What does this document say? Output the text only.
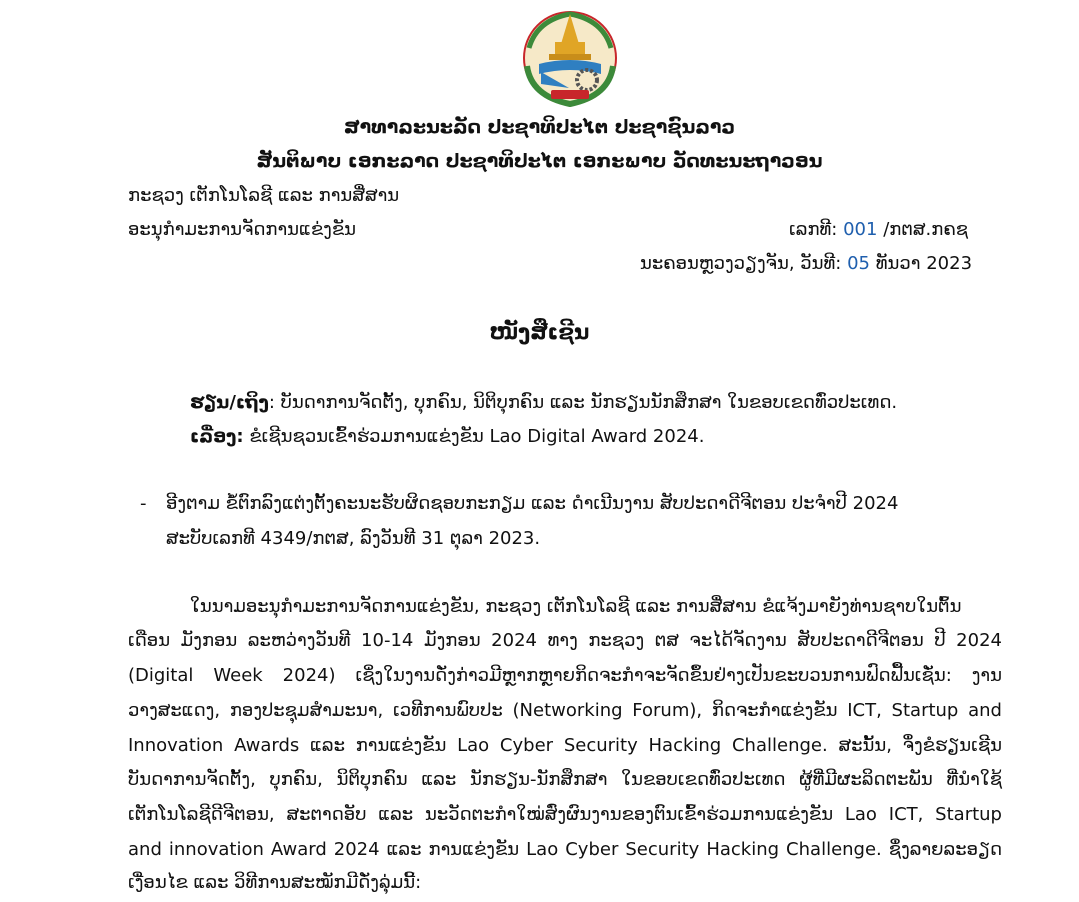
ສາທາລະນະລັດ ປະຊາທິປະໄຕ ປະຊາຊົນລາວ
ສັນຕິພາບ ເອກະລາດ ປະຊາທິປະໄຕ ເອກະພາບ ວັດທະນະຖາວອນ
ກະຊວງ ເຕັກໂນໂລຊີ ແລະ ການສື່ສານ
ອະນຸກຳມະການຈັດການແຂ່ງຂັນ	ເລກທີ: 001 /ກຕສ.ກຄຊ
ນະຄອນຫຼວງວຽງຈັນ, ວັນທີ: 05 ທັນວາ 2023
ໜັງສືເຊີນ
ຮຽນ/ເຖິງ: ບັນດາການຈັດຕັ້ງ, ບຸກຄົນ, ນິຕິບຸກຄົນ ແລະ ນັກຮຽນນັກສຶກສາ ໃນຂອບເຂດທົ່ວປະເທດ.
ເລື່ອງ: ຂໍເຊີນຊວນເຂົ້າຮ່ວມການແຂ່ງຂັນ Lao Digital Award 2024.
- ອີງຕາມ ຂໍ້ຕົກລົງແຕ່ງຕັ້ງຄະນະຮັບຜິດຊອບກະກຽມ ແລະ ດຳເນີນງານ ສັບປະດາດີຈີຕອນ ປະຈຳປີ 2024
ສະບັບເລກທີ 4349/ກຕສ, ລົງວັນທີ 31 ຕຸລາ 2023.
ໃນນາມອະນຸກຳມະການຈັດການແຂ່ງຂັນ, ກະຊວງ ເຕັກໂນໂລຊີ ແລະ ການສື່ສານ ຂໍແຈ້ງມາຍັງທ່ານຊາບໃນຕົ້ນ
ເດືອນ ມັງກອນ ລະຫວ່າງວັນທີ 10-14 ມັງກອນ 2024 ທາງ ກະຊວງ ຕສ ຈະໄດ້ຈັດງານ ສັບປະດາດີຈີຕອນ ປີ 2024
(Digital Week 2024) ເຊິ່ງໃນງານດັ່ງກ່າວມີຫຼາກຫຼາຍກິດຈະກຳຈະຈັດຂຶ້ນຢ່າງເປັນຂະບວນການຟົດຟື້ນເຊັ່ນ: ງານ
ວາງສະແດງ, ກອງປະຊຸມສຳມະນາ, ເວທີການພົບປະ (Networking Forum), ກິດຈະກຳແຂ່ງຂັນ ICT, Startup and
Innovation Awards ແລະ ການແຂ່ງຂັນ Lao Cyber Security Hacking Challenge. ສະນັ້ນ, ຈຶ່ງຂໍຮຽນເຊີນ
ບັນດາການຈັດຕັ້ງ, ບຸກຄົນ, ນິຕິບຸກຄົນ ແລະ ນັກຮຽນ-ນັກສຶກສາ ໃນຂອບເຂດທົ່ວປະເທດ ຜູ້ທີ່ມີຜະລິດຕະພັນ ທີ່ນຳໃຊ້
ເຕັກໂນໂລຊີດີຈີຕອນ, ສະຕາດອັບ ແລະ ນະວັດຕະກຳໃໝ່ສົ່ງຜົນງານຂອງຕົນເຂົ້າຮ່ວມການແຂ່ງຂັນ Lao ICT, Startup
and innovation Award 2024 ແລະ ການແຂ່ງຂັນ Lao Cyber Security Hacking Challenge. ຊຶ່ງລາຍລະອຽດ
ເງື່ອນໄຂ ແລະ ວິທີການສະໝັກມີດັ່ງລຸ່ມນີ້:
